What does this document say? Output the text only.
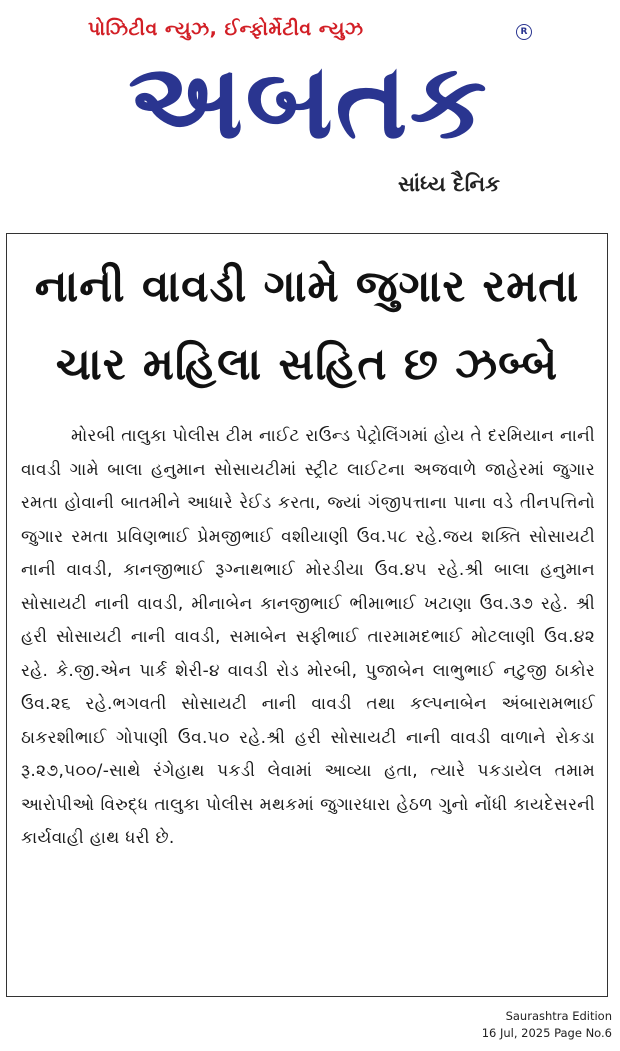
પોઝિટીવ ન્યુઝ, ઈન્ફોર્મેટીવ ન્યુઝ	R
અબતક
સાંધ્ય દૈનિક
નાની વાવડી ગામે જુગાર રમતા
ચાર મહિલા સહિત છ ઝબ્બે
મોરબી તાલુકા પોલીસ ટીમ નાઈટ રાઉન્ડ પેટ્રોલિંગમાં હોય તે દરમિયાન નાની વાવડી ગામે બાલા હનુમાન સોસાયટીમાં સ્ટ્રીટ લાઈટના અજવાળે જાહેરમાં જુગાર રમતા હોવાની બાતમીને આધારે રેઈડ કરતા, જ્યાં ગંજીપત્તાના પાના વડે તીનપત્તિનો જુગાર રમતા પ્રવિણભાઈ પ્રેમજીભાઈ વશીયાણી ઉવ.૫૮ રહે.જય શક્તિ સોસાયટી નાની વાવડી, કાનજીભાઈ રૂગ્નાથભાઈ મોરડીયા ઉવ.૪૫ રહે.શ્રી બાલા હનુમાન સોસાયટી નાની વાવડી, મીનાબેન કાનજીભાઈ ભીમાભાઈ ખટાણા ઉવ.૩૭ રહે. શ્રી હરી સોસાયટી નાની વાવડી, સમાબેન સફીભાઈ તારમામદભાઈ મોટલાણી ઉવ.૪૨ રહે. કે.જી.એન પાર્ક શેરી-૪ વાવડી રોડ મોરબી, પુજાબેન લાભુભાઈ નટુજી ઠાકોર ઉવ.૨૬ રહે.ભગવતી સોસાયટી નાની વાવડી તથા કલ્પનાબેન અંબારામભાઈ ઠાકરશીભાઈ ગોપાણી ઉવ.૫૦ રહે.શ્રી હરી સોસાયટી નાની વાવડી વાળાને રોકડા રૂ.૨૭,૫૦૦/-સાથે રંગેહાથ પકડી લેવામાં આવ્યા હતા, ત્યારે પકડાયેલ તમામ આરોપીઓ વિરુદ્ધ તાલુકા પોલીસ મથકમાં જુગારધારા હેઠળ ગુનો નોંધી કાયદેસરની કાર્યવાહી હાથ ધરી છે.
Saurashtra Edition
16 Jul, 2025 Page No.6
